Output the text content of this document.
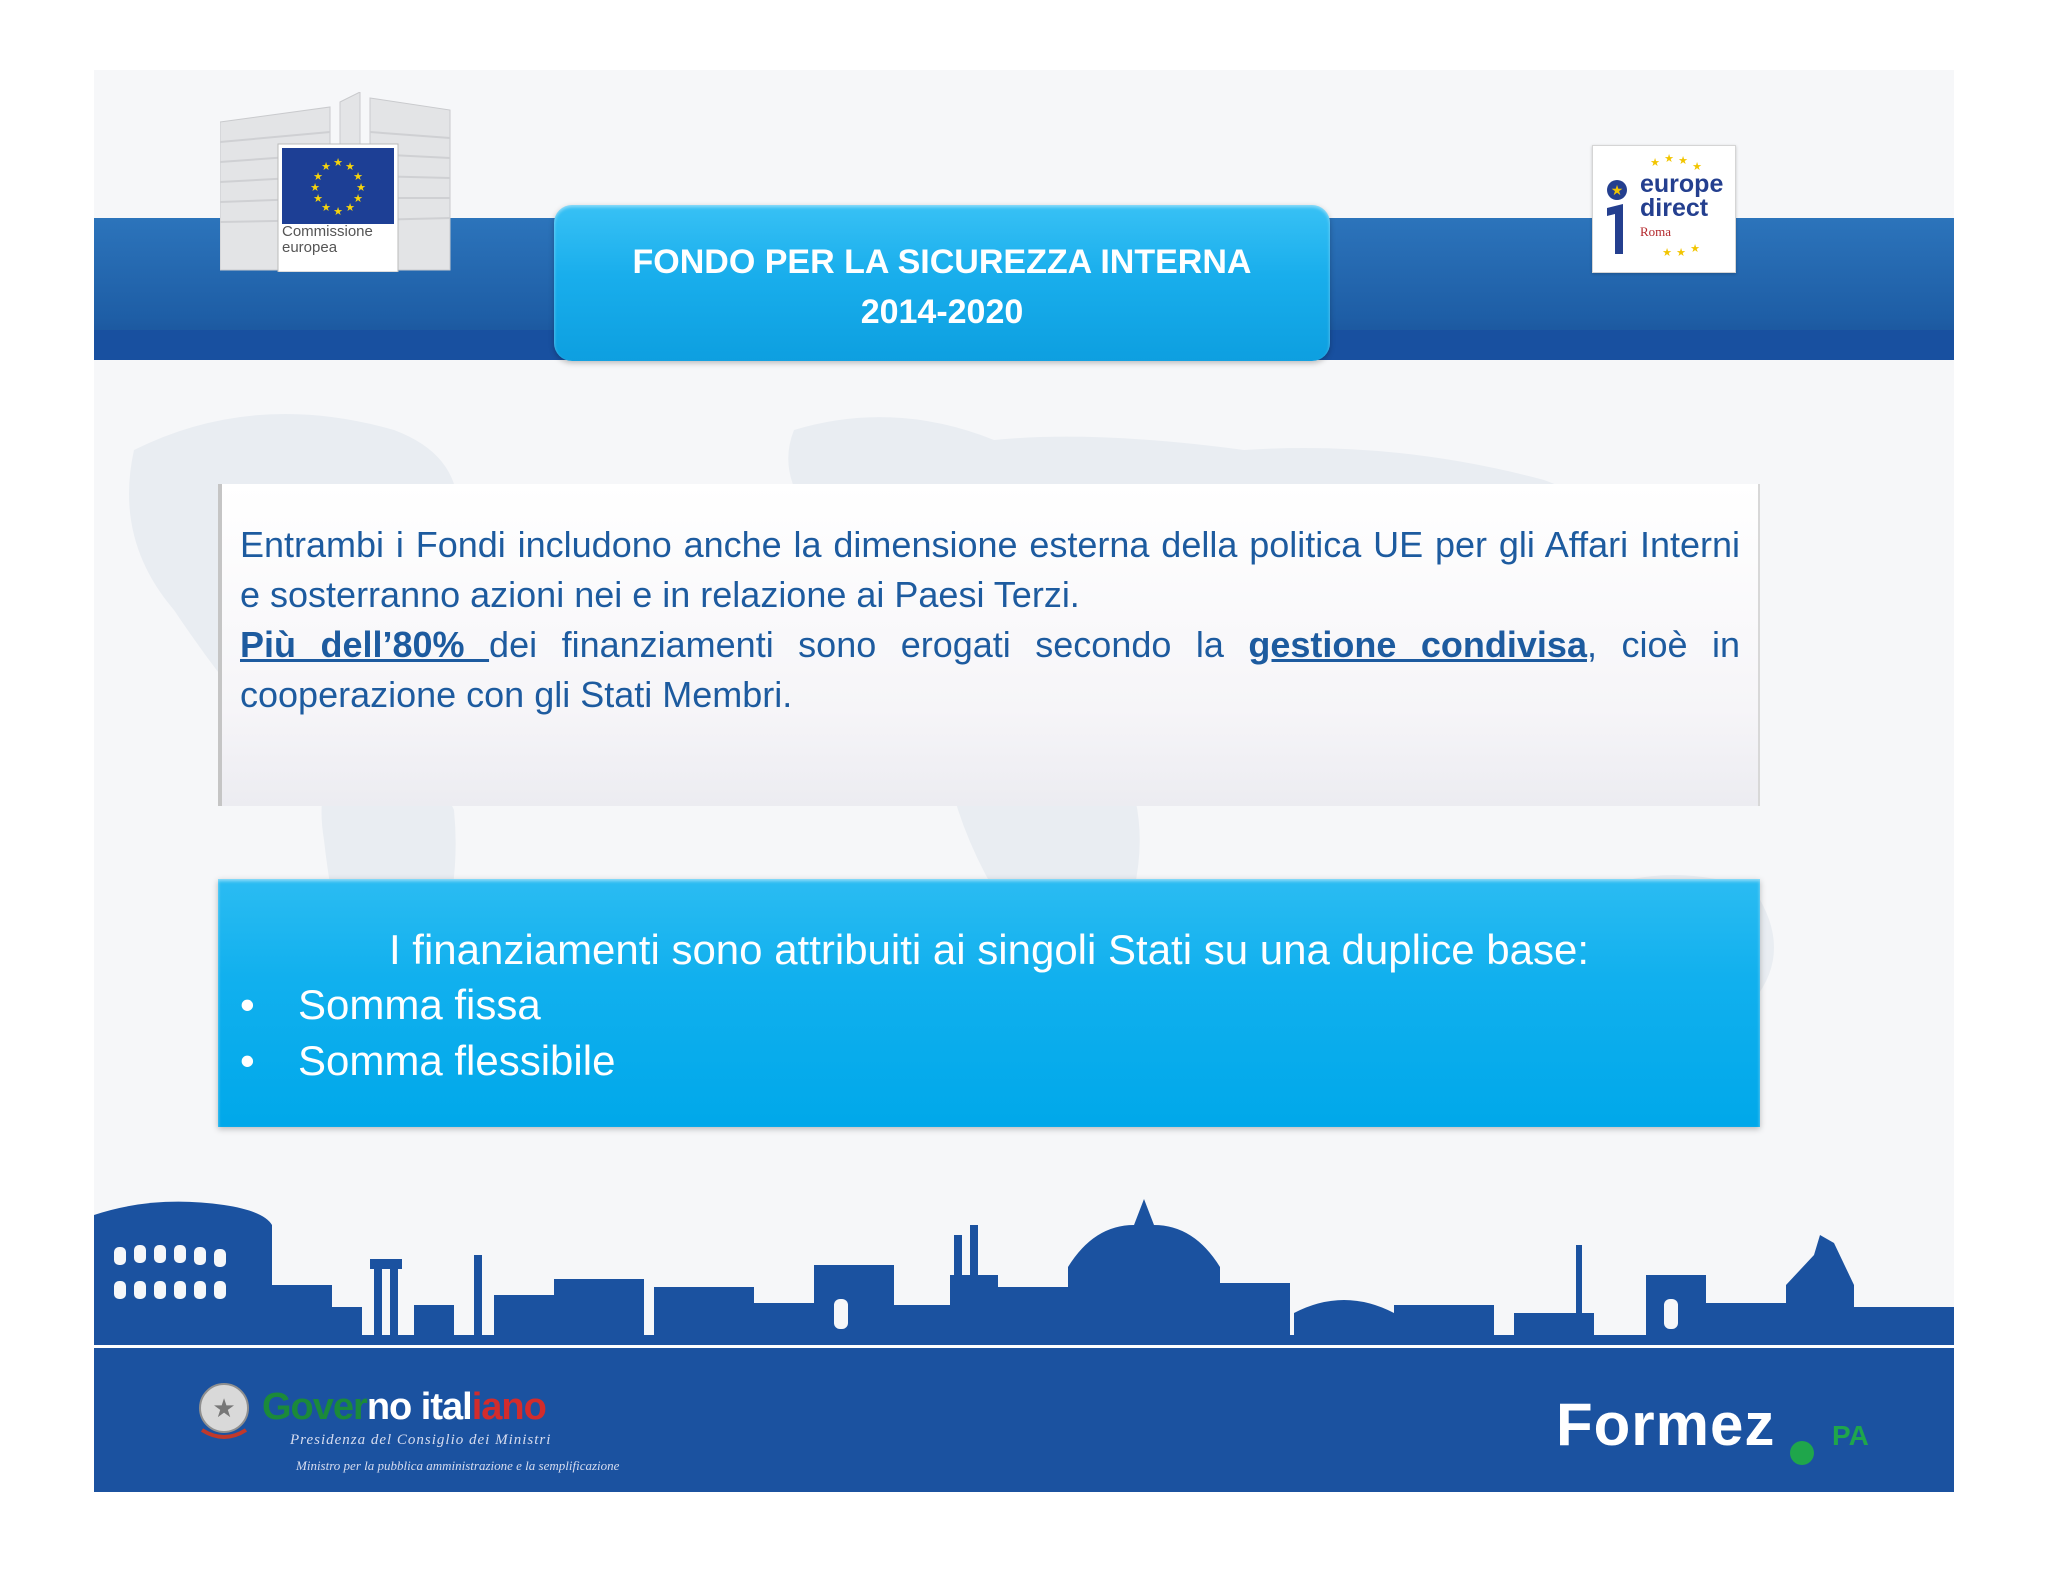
★ ★
★
★
★
★
★
★
★
★
★
★
Commissione
europea	FONDO PER LA SICUREZZA INTERNA
2014-2020
★ ★ ★ ★
★
★
★
★ europe
direct
Roma

Entrambi i Fondi includono anche la dimensione esterna della politica UE per gli Affari Interni e sosterranno azioni nei e in relazione ai Paesi Terzi.

Più dell’80% dei finanziamenti sono erogati secondo la gestione condivisa, cioè in cooperazione con gli Stati Membri.

I finanziamenti sono attribuiti ai singoli Stati su una duplice base:
• Somma fissa
• Somma flessibile
★ Governo italiano
Presidenza del Consiglio dei Ministri
Ministro per la pubblica amministrazione e la semplificazione
Formez PA
